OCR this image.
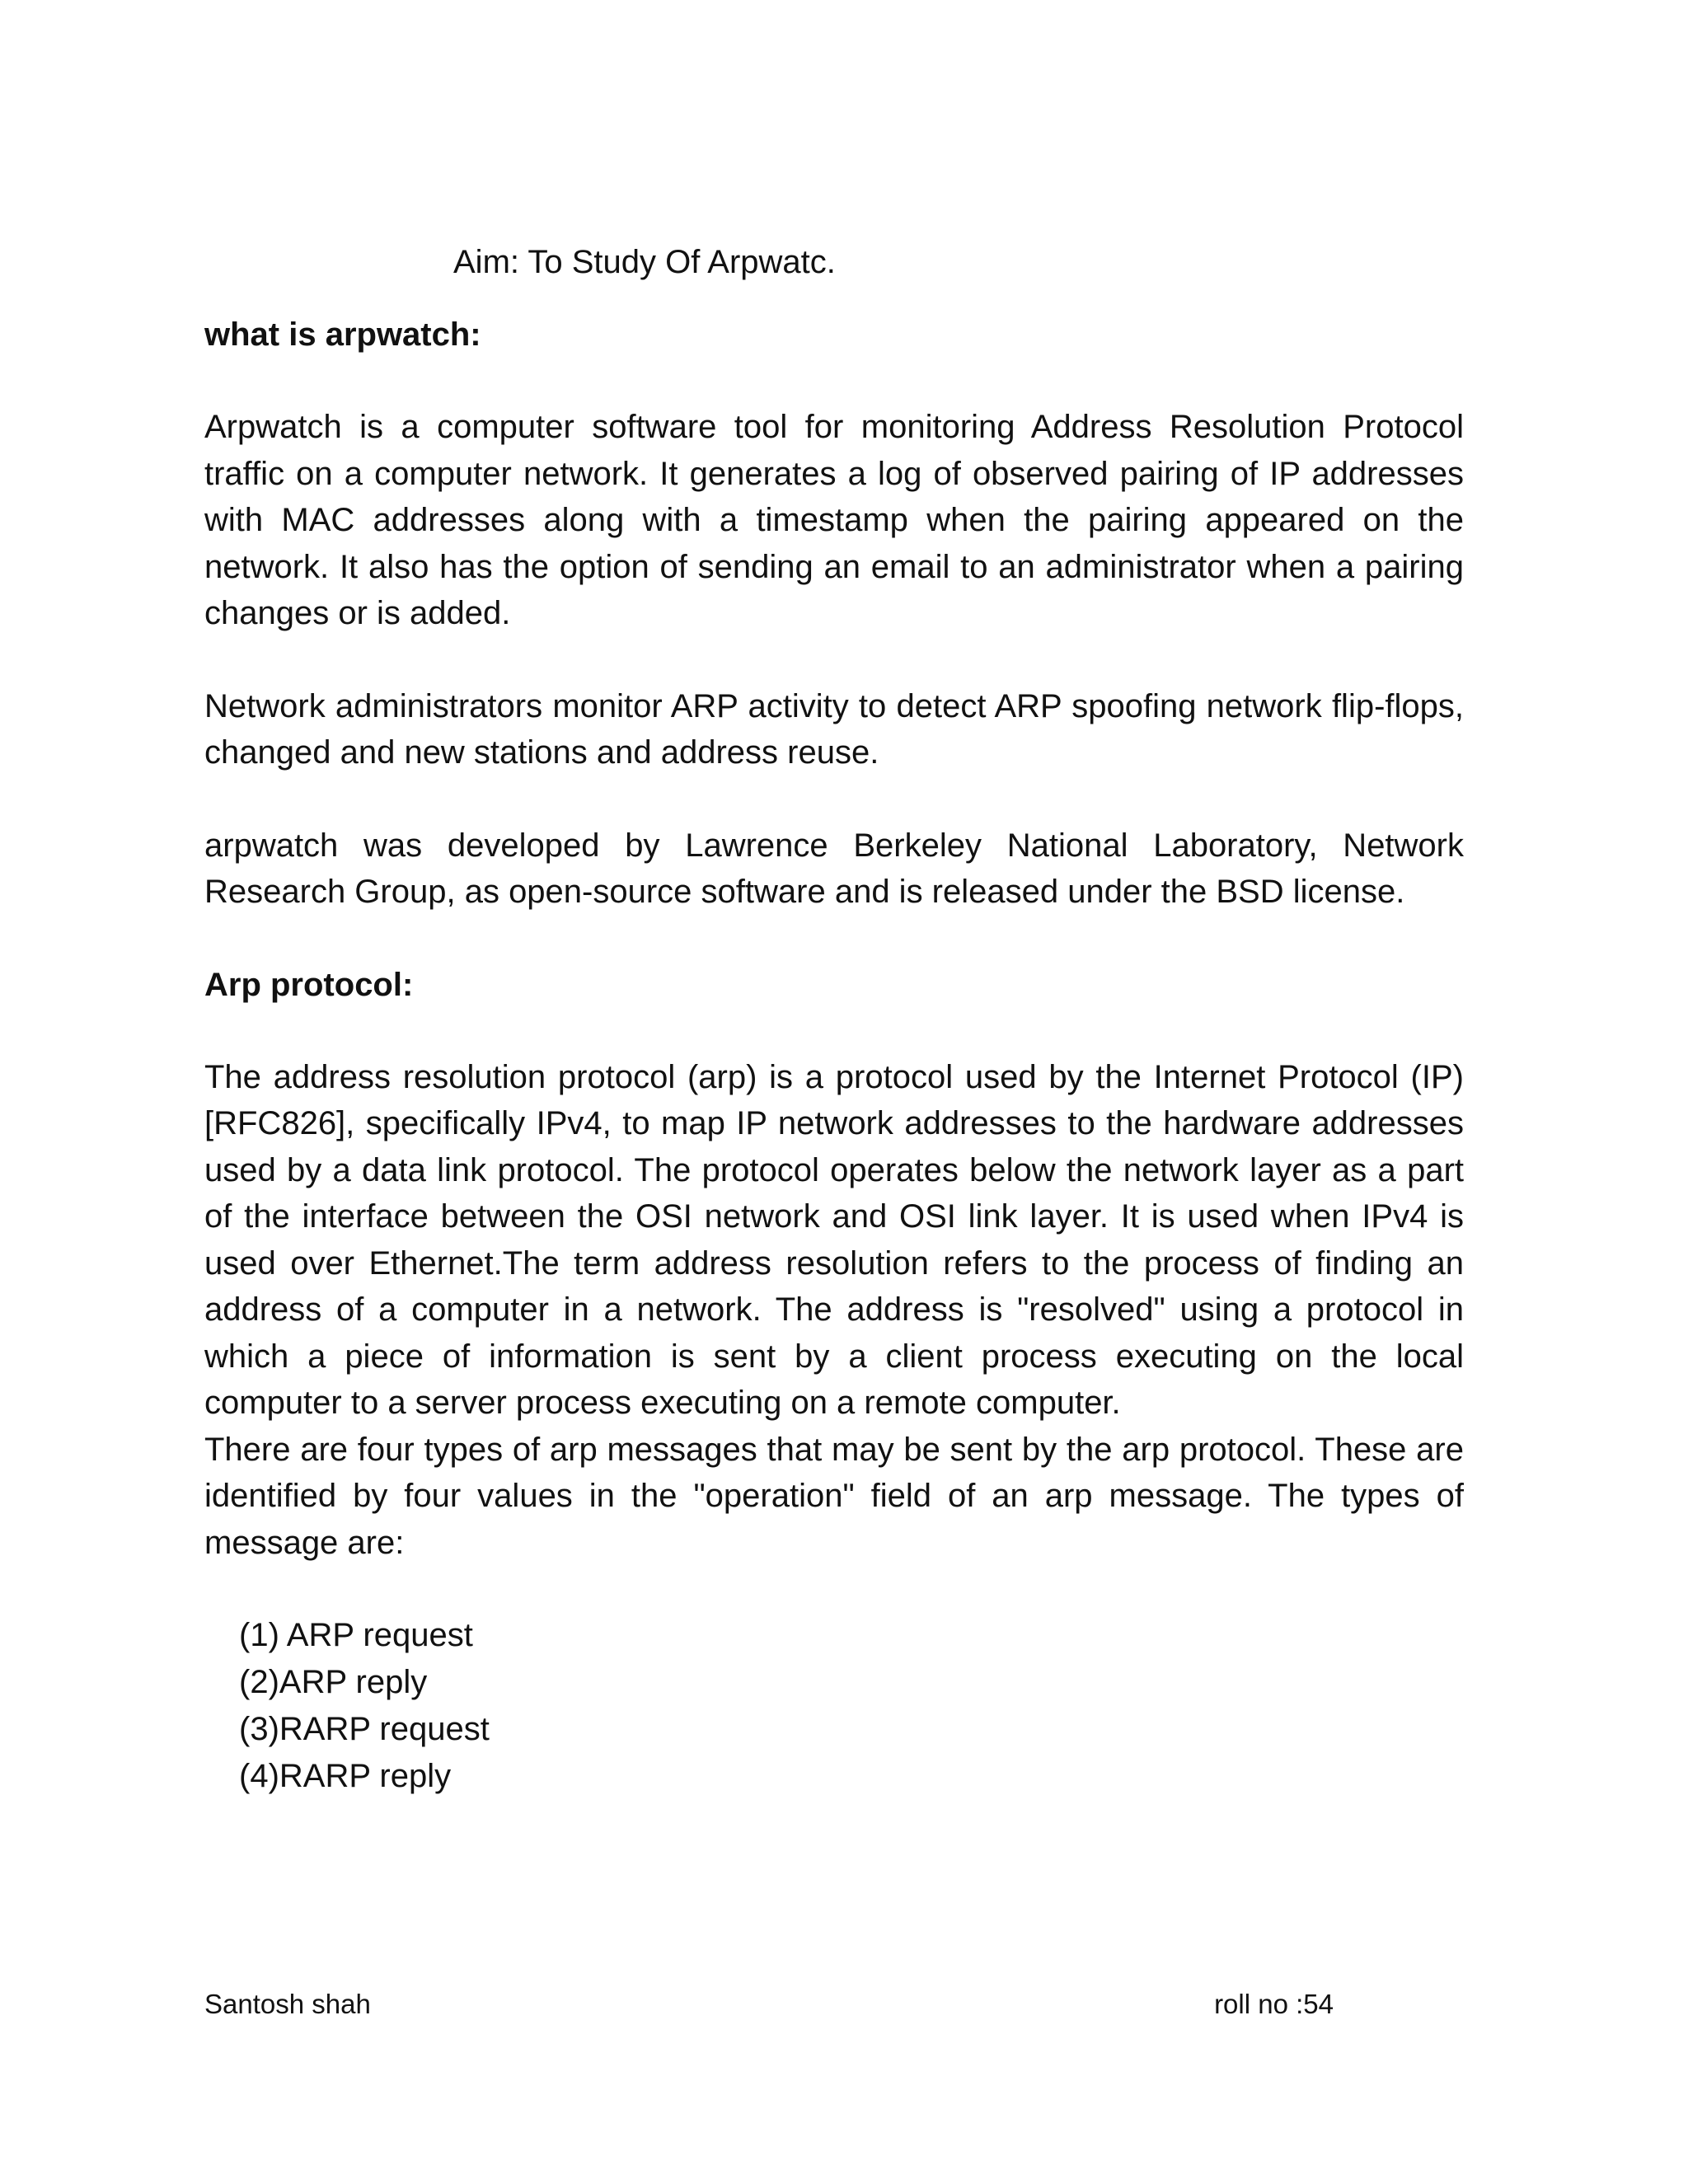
Aim: To Study Of Arpwatc.
what is arpwatch:

Arpwatch is a computer software tool for monitoring Address Resolution Protocol traffic on a computer network. It generates a log of observed pairing of IP addresses with MAC addresses along with a timestamp when the pairing appeared on the network. It also has the option of sending an email to an administrator when a pairing changes or is added.

Network administrators monitor ARP activity to detect ARP spoofing network flip-flops, changed and new stations and address reuse.

arpwatch was developed by Lawrence Berkeley National Laboratory, Network Research Group, as open-source software and is released under the BSD license.

Arp protocol:

The address resolution protocol (arp) is a protocol used by the Internet Protocol (IP) [RFC826], specifically IPv4, to map IP network addresses to the hardware addresses used by a data link protocol. The protocol operates below the network layer as a part of the interface between the OSI network and OSI link layer. It is used when IPv4 is used over Ethernet.The term address resolution refers to the process of finding an address of a computer in a network. The address is "resolved" using a protocol in which a piece of information is sent by a client process executing on the local computer to a server process executing on a remote computer.

There are four types of arp messages that may be sent by the arp protocol. These are identified by four values in the "operation" field of an arp message. The types of message are:

(1) ARP request
(2)ARP reply
(3)RARP request
(4)RARP reply
Santosh shah	roll no :54
